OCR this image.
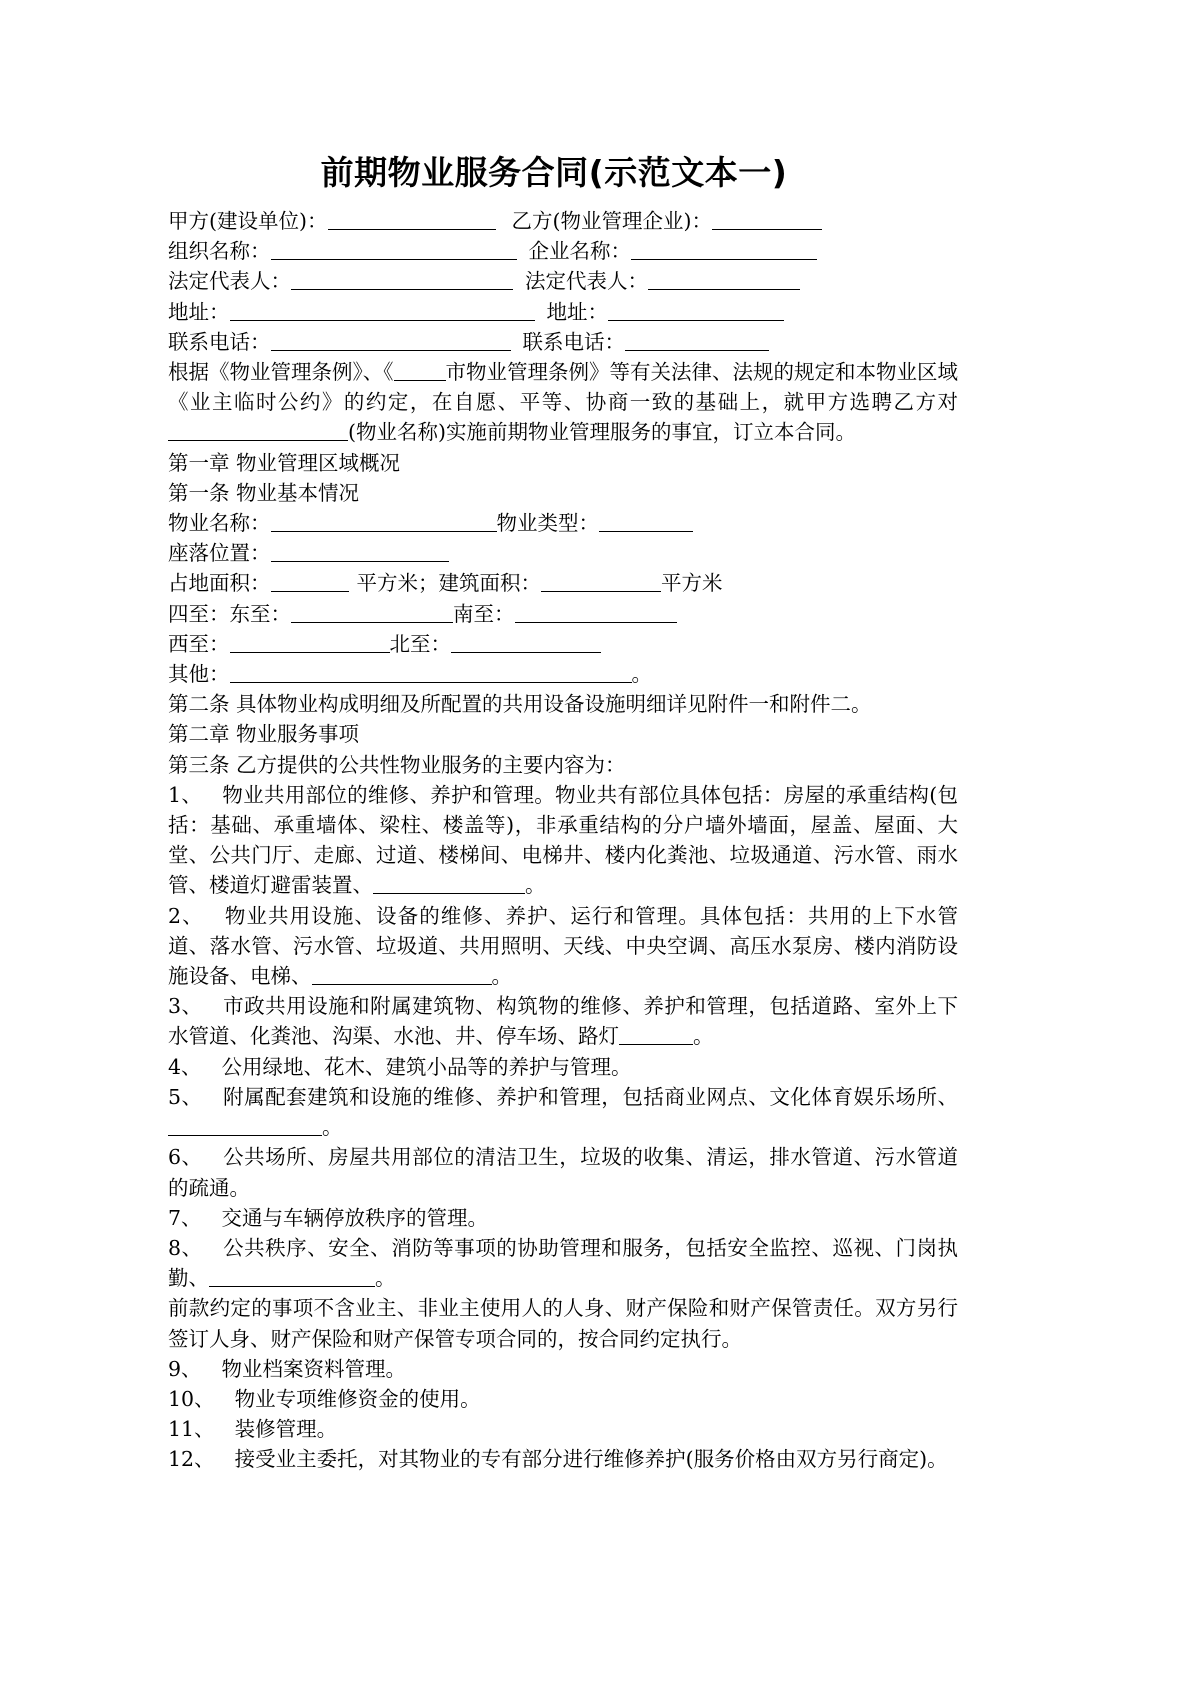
前期物业服务合同(示范文本一)
甲方(建设单位)：	乙方(物业管理企业)：
组织名称：	企业名称：
法定代表人：	法定代表人：
地址：	地址：
联系电话：	联系电话：
根据《物业管理条例》、《	市物业管理条例》等有关法律、法规的规定和本物业区域《业主临时公约》的约定，在自愿、平等、协商一致的基础上，就甲方选聘乙方对(物业名称)实施前期物业管理服务的事宜，订立本合同。
第一章 物业管理区域概况
第一条 物业基本情况
物业名称：	物业类型：
座落位置：
占地面积：	平方米；建筑面积：	平方米
四至：东至：	南至：
西至：	北至：
其他：	。
第二条 具体物业构成明细及所配置的共用设备设施明细详见附件一和附件二。
第二章 物业服务事项
第三条 乙方提供的公共性物业服务的主要内容为：
1、 物业共用部位的维修、养护和管理。物业共有部位具体包括：房屋的承重结构(包括：基础、承重墙体、梁柱、楼盖等)，非承重结构的分户墙外墙面，屋盖、屋面、大堂、公共门厅、走廊、过道、楼梯间、电梯井、楼内化粪池、垃圾通道、污水管、雨水管、楼道灯避雷装置、	。
2、 物业共用设施、设备的维修、养护、运行和管理。具体包括：共用的上下水管道、落水管、污水管、垃圾道、共用照明、天线、中央空调、高压水泵房、楼内消防设施设备、电梯、	。
3、 市政共用设施和附属建筑物、构筑物的维修、养护和管理，包括道路、室外上下水管道、化粪池、沟渠、水池、井、停车场、路灯	。
4、 公用绿地、花木、建筑小品等的养护与管理。
5、 附属配套建筑和设施的维修、养护和管理，包括商业网点、文化体育娱乐场所、。
6、 公共场所、房屋共用部位的清洁卫生，垃圾的收集、清运，排水管道、污水管道的疏通。
7、 交通与车辆停放秩序的管理。
8、 公共秩序、安全、消防等事项的协助管理和服务，包括安全监控、巡视、门岗执勤、	。
前款约定的事项不含业主、非业主使用人的人身、财产保险和财产保管责任。双方另行签订人身、财产保险和财产保管专项合同的，按合同约定执行。
9、 物业档案资料管理。
10、 物业专项维修资金的使用。
11、 装修管理。
12、 接受业主委托，对其物业的专有部分进行维修养护(服务价格由双方另行商定)。
